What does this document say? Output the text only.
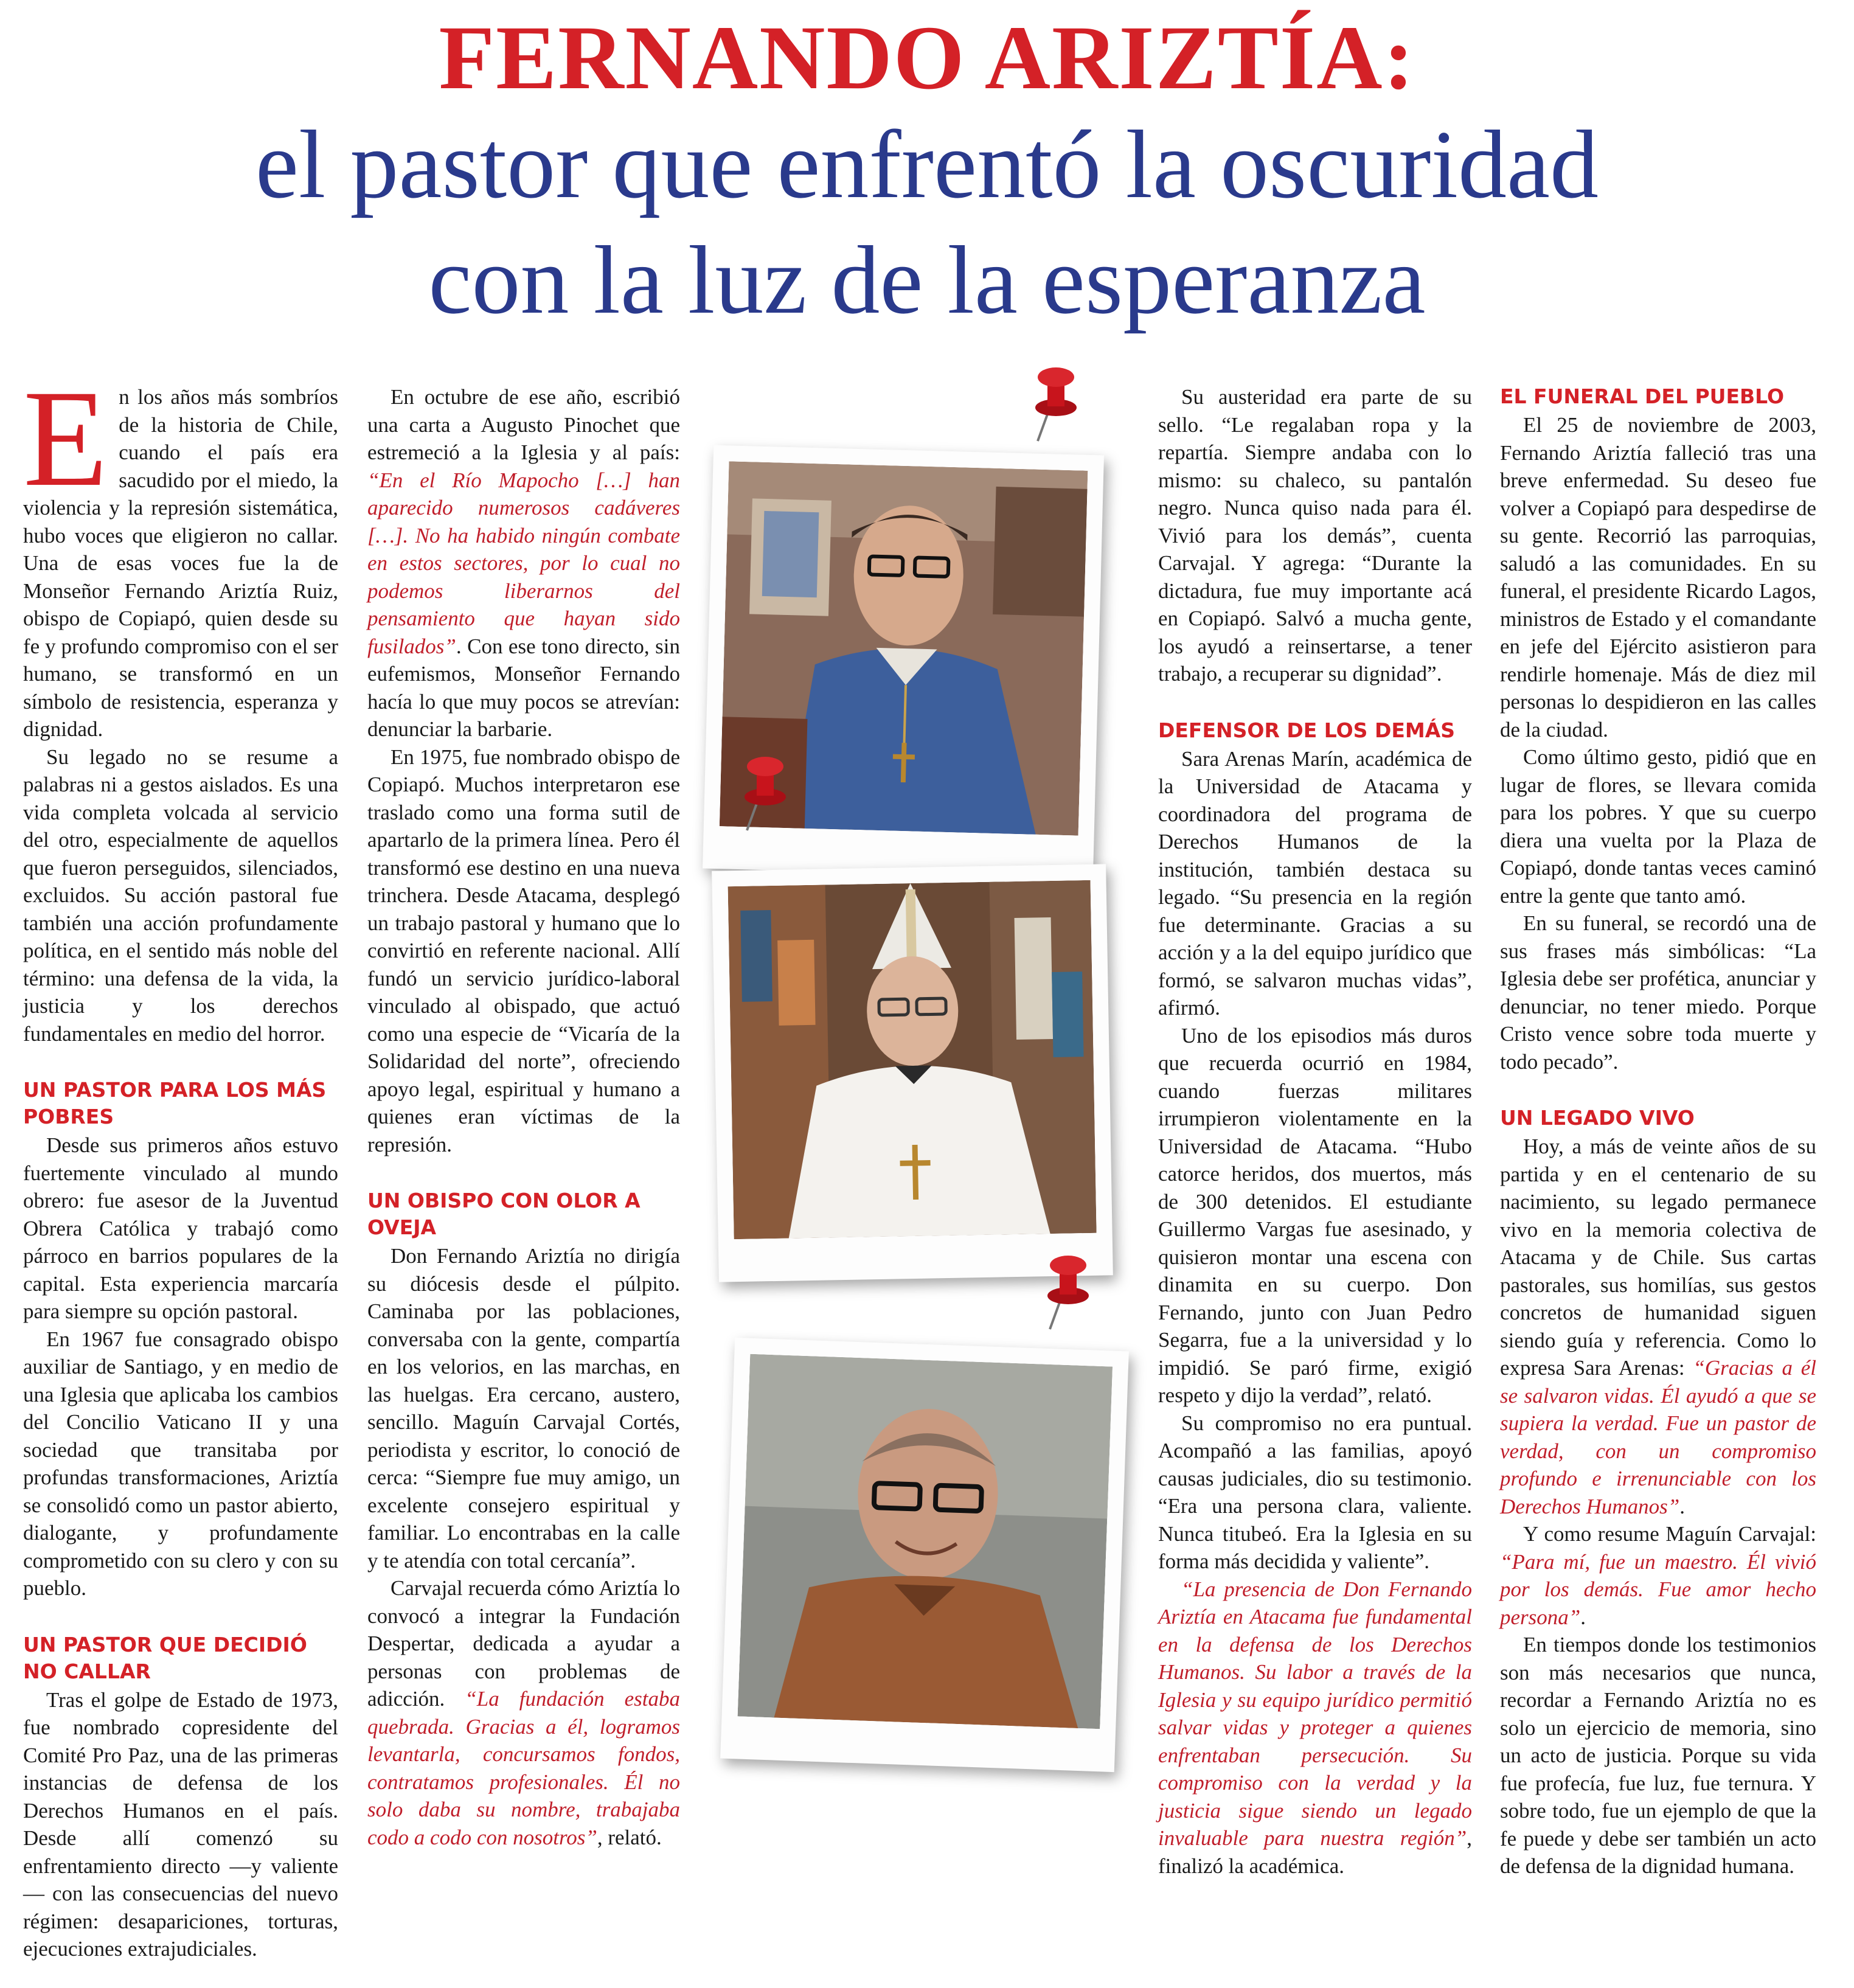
FERNANDO ARIZTÍA:
el pastor que enfrentó la oscuridad
con la luz de la esperanza

En los años más sombríos de la historia de Chile, cuando el país era sacudido por el miedo, la violencia y la represión sistemática, hubo voces que eligieron no callar. Una de esas voces fue la de Monseñor Fernando Ariztía Ruiz, obispo de Copiapó, quien desde su fe y profundo compromiso con el ser humano, se transformó en un símbolo de resistencia, esperanza y dignidad.

Su legado no se resume a palabras ni a gestos aislados. Es una vida completa volcada al servicio del otro, especialmente de aquellos que fueron perseguidos, silenciados, excluidos. Su acción pastoral fue también una acción profundamente política, en el sentido más noble del término: una defensa de la vida, la justicia y los derechos fundamentales en medio del horror.

UN PASTOR PARA LOS MÁS POBRES

Desde sus primeros años estuvo fuertemente vinculado al mundo obrero: fue asesor de la Juventud Obrera Católica y trabajó como párroco en barrios populares de la capital. Esta experiencia marcaría para siempre su opción pastoral.

En 1967 fue consagrado obispo auxiliar de Santiago, y en medio de una Iglesia que aplicaba los cambios del Concilio Vaticano II y una sociedad que transitaba por profundas transformaciones, Ariztía se consolidó como un pastor abierto, dialogante, y profundamente comprometido con su clero y con su pueblo.

UN PASTOR QUE DECIDIÓ NO CALLAR

Tras el golpe de Estado de 1973, fue nombrado copresidente del Comité Pro Paz, una de las primeras instancias de defensa de los Derechos Humanos en el país. Desde allí comenzó su enfrentamiento directo —y valiente— con las consecuencias del nuevo régimen: desapariciones, torturas, ejecuciones extrajudiciales.

En octubre de ese año, escribió una carta a Augusto Pinochet que estremeció a la Iglesia y al país: “En el Río Mapocho […] han aparecido numerosos cadáveres […]. No ha habido ningún combate en estos sectores, por lo cual no podemos liberarnos del pensamiento que hayan sido fusilados”. Con ese tono directo, sin eufemismos, Monseñor Fernando hacía lo que muy pocos se atrevían: denunciar la barbarie.

En 1975, fue nombrado obispo de Copiapó. Muchos interpretaron ese traslado como una forma sutil de apartarlo de la primera línea. Pero él transformó ese destino en una nueva trinchera. Desde Atacama, desplegó un trabajo pastoral y humano que lo convirtió en referente nacional. Allí fundó un servicio jurídico-laboral vinculado al obispado, que actuó como una especie de “Vicaría de la Solidaridad del norte”, ofreciendo apoyo legal, espiritual y humano a quienes eran víctimas de la represión.

UN OBISPO CON OLOR A OVEJA

Don Fernando Ariztía no dirigía su diócesis desde el púlpito. Caminaba por las poblaciones, conversaba con la gente, compartía en los velorios, en las marchas, en las huelgas. Era cercano, austero, sencillo. Maguín Carvajal Cortés, periodista y escritor, lo conoció de cerca: “Siempre fue muy amigo, un excelente consejero espiritual y familiar. Lo encontrabas en la calle y te atendía con total cercanía”.

Carvajal recuerda cómo Ariztía lo convocó a integrar la Fundación Despertar, dedicada a ayudar a personas con problemas de adicción. “La fundación estaba quebrada. Gracias a él, logramos levantarla, concursamos fondos, contratamos profesionales. Él no solo daba su nombre, trabajaba codo a codo con nosotros”, relató.

Su austeridad era parte de su sello. “Le regalaban ropa y la repartía. Siempre andaba con lo mismo: su chaleco, su pantalón negro. Nunca quiso nada para él. Vivió para los demás”, cuenta Carvajal. Y agrega: “Durante la dictadura, fue muy importante acá en Copiapó. Salvó a mucha gente, los ayudó a reinsertarse, a tener trabajo, a recuperar su dignidad”.

DEFENSOR DE LOS DEMÁS

Sara Arenas Marín, académica de la Universidad de Atacama y coordinadora del programa de Derechos Humanos de la institución, también destaca su legado. “Su presencia en la región fue determinante. Gracias a su acción y a la del equipo jurídico que formó, se salvaron muchas vidas”, afirmó.

Uno de los episodios más duros que recuerda ocurrió en 1984, cuando fuerzas militares irrumpieron violentamente en la Universidad de Atacama. “Hubo catorce heridos, dos muertos, más de 300 detenidos. El estudiante Guillermo Vargas fue asesinado, y quisieron montar una escena con dinamita en su cuerpo. Don Fernando, junto con Juan Pedro Segarra, fue a la universidad y lo impidió. Se paró firme, exigió respeto y dijo la verdad”, relató.

Su compromiso no era puntual. Acompañó a las familias, apoyó causas judiciales, dio su testimonio. “Era una persona clara, valiente. Nunca titubeó. Era la Iglesia en su forma más decidida y valiente”.

“La presencia de Don Fernando Ariztía en Atacama fue fundamental en la defensa de los Derechos Humanos. Su labor a través de la Iglesia y su equipo jurídico permitió salvar vidas y proteger a quienes enfrentaban persecución. Su compromiso con la verdad y la justicia sigue siendo un legado invaluable para nuestra región”, finalizó la académica.

EL FUNERAL DEL PUEBLO

El 25 de noviembre de 2003, Fernando Ariztía falleció tras una breve enfermedad. Su deseo fue volver a Copiapó para despedirse de su gente. Recorrió las parroquias, saludó a las comunidades. En su funeral, el presidente Ricardo Lagos, ministros de Estado y el comandante en jefe del Ejército asistieron para rendirle homenaje. Más de diez mil personas lo despidieron en las calles de la ciudad.

Como último gesto, pidió que en lugar de flores, se llevara comida para los pobres. Y que su cuerpo diera una vuelta por la Plaza de Copiapó, donde tantas veces caminó entre la gente que tanto amó.

En su funeral, se recordó una de sus frases más simbólicas: “La Iglesia debe ser profética, anunciar y denunciar, no tener miedo. Porque Cristo vence sobre toda muerte y todo pecado”.

UN LEGADO VIVO

Hoy, a más de veinte años de su partida y en el centenario de su nacimiento, su legado permanece vivo en la memoria colectiva de Atacama y de Chile. Sus cartas pastorales, sus homilías, sus gestos concretos de humanidad siguen siendo guía y referencia. Como lo expresa Sara Arenas: “Gracias a él se salvaron vidas. Él ayudó a que se supiera la verdad. Fue un pastor de verdad, con un compromiso profundo e irrenunciable con los Derechos Humanos”.

Y como resume Maguín Carvajal: “Para mí, fue un maestro. Él vivió por los demás. Fue amor hecho persona”.

En tiempos donde los testimonios son más necesarios que nunca, recordar a Fernando Ariztía no es solo un ejercicio de memoria, sino un acto de justicia. Porque su vida fue profecía, fue luz, fue ternura. Y sobre todo, fue un ejemplo de que la fe puede y debe ser también un acto de defensa de la dignidad humana.
